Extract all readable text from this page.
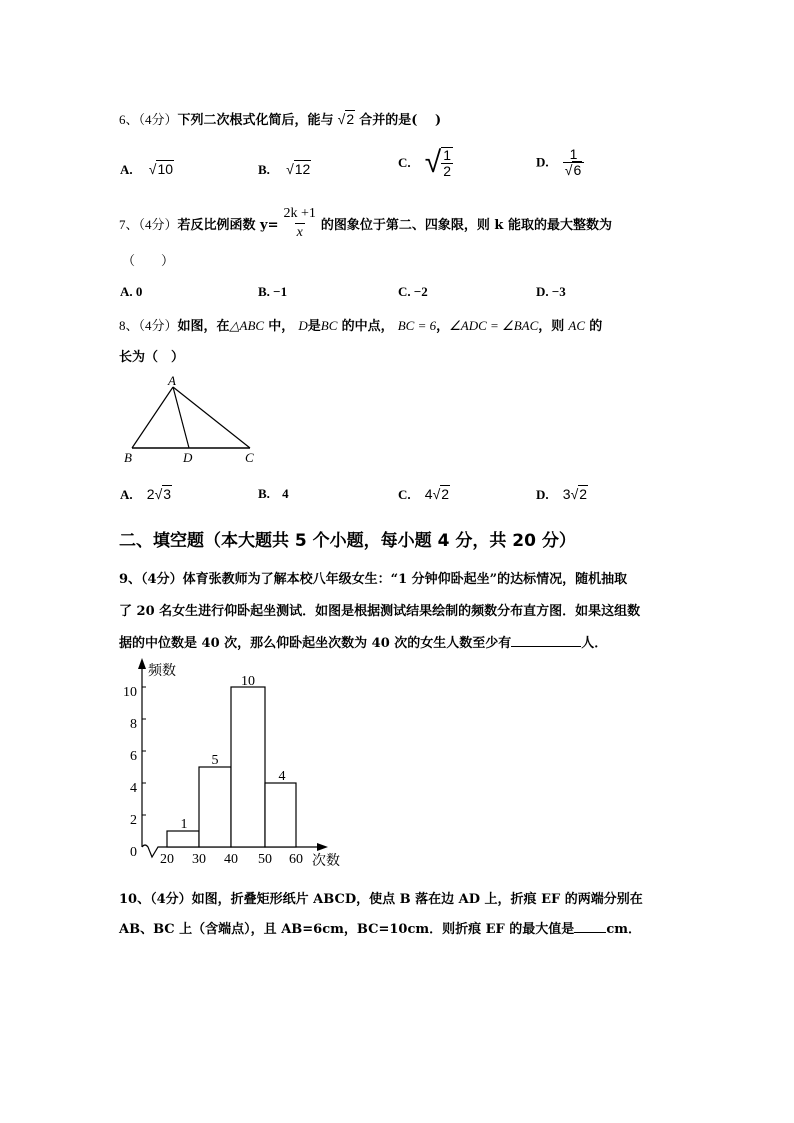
6、（4分）下列二次根式化简后，能与 √2 合并的是(　 )
A. √10	B. √12	C. √ $\frac{1}{2}$	D. $\frac{1}{√6}$
7、（4分） 若反比例函数 $y= \frac{2k +1}{x}$ 的图象位于第二、四象限，则 k 能取的最大整数为
（　　）
A. 0	B. −1	C. −2	D. −3
8、（4分）如图，在△ABC 中， D是BC 的中点， BC = 6，∠ADC = ∠BAC，则 AC 的
长为（　）
A
B	D	C
A. 2√3	B. 4	C. 4√2	D. 3√2
二、填空题（本大题共 5 个小题，每小题 4 分，共 20 分）
9、（4分）体育张教师为了解本校八年级女生：“1 分钟仰卧起坐”的达标情况，随机抽取
了 20 名女生进行仰卧起坐测试．如图是根据测试结果绘制的频数分布直方图．如果这组数
据的中位数是 40 次，那么仰卧起坐次数为 40 次的女生人数至少有	人．
0
2
4
6
8
10
频数
1
5
10
4
20 30 40 50 60 次数
10、（4分）如图，折叠矩形纸片 ABCD，使点 B 落在边 AD 上，折痕 EF 的两端分别在
AB、BC 上（含端点），且 AB=6cm，BC=10cm．则折痕 EF 的最大值是 cm．
